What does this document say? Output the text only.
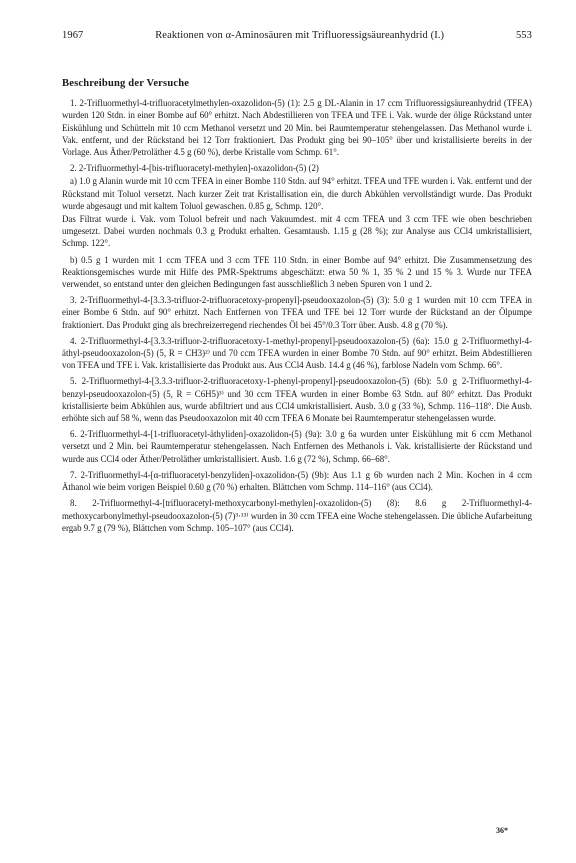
1967	Reaktionen von α-Aminosäuren mit Trifluoressigsäureanhydrid (I.)	553
Beschreibung der Versuche

1. 2-Trifluormethyl-4-trifluoracetylmethylen-oxazolidon-(5) (1): 2.5 g DL-Alanin in 17 ccm Trifluoressigsäureanhydrid (TFEA) wurden 120 Stdn. in einer Bombe auf 60° erhitzt. Nach Abdestillieren von TFEA und TFE i. Vak. wurde der ölige Rückstand unter Eiskühlung und Schütteln mit 10 ccm Methanol versetzt und 20 Min. bei Raumtemperatur stehengelassen. Das Methanol wurde i. Vak. entfernt, und der Rückstand bei 12 Torr fraktioniert. Das Produkt ging bei 90–105° über und kristallisierte bereits in der Vorlage. Aus Äther/Petroläther 4.5 g (60 %), derbe Kristalle vom Schmp. 61°.

2. 2-Trifluormethyl-4-[bis-trifluoracetyl-methylen]-oxazolidon-(5) (2)

a) 1.0 g Alanin wurde mit 10 ccm TFEA in einer Bombe 110 Stdn. auf 94° erhitzt. TFEA und TFE wurden i. Vak. entfernt und der Rückstand mit Toluol versetzt. Nach kurzer Zeit trat Kristallisation ein, die durch Abkühlen vervollständigt wurde. Das Produkt wurde abgesaugt und mit kaltem Toluol gewaschen. 0.85 g, Schmp. 120°.

Das Filtrat wurde i. Vak. vom Toluol befreit und nach Vakuumdest. mit 4 ccm TFEA und 3 ccm TFE wie oben beschrieben umgesetzt. Dabei wurden nochmals 0.3 g Produkt erhalten. Gesamtausb. 1.15 g (28 %); zur Analyse aus CCl4 umkristallisiert, Schmp. 122°.

b) 0.5 g 1 wurden mit 1 ccm TFEA und 3 ccm TFE 110 Stdn. in einer Bombe auf 94° erhitzt. Die Zusammensetzung des Reaktionsgemisches wurde mit Hilfe des PMR-Spektrums abgeschätzt: etwa 50 % 1, 35 % 2 und 15 % 3. Wurde nur TFEA verwendet, so entstand unter den gleichen Bedingungen fast ausschließlich 3 neben Spuren von 1 und 2.

3. 2-Trifluormethyl-4-[3.3.3-trifluor-2-trifluoracetoxy-propenyl]-pseudooxazolon-(5) (3): 5.0 g 1 wurden mit 10 ccm TFEA in einer Bombe 6 Stdn. auf 90° erhitzt. Nach Entfernen von TFEA und TFE bei 12 Torr wurde der Rückstand an der Ölpumpe fraktioniert. Das Produkt ging als brechreizerregend riechendes Öl bei 45°/0.3 Torr über. Ausb. 4.8 g (70 %).

4. 2-Trifluormethyl-4-[3.3.3-trifluor-2-trifluoracetoxy-1-methyl-propenyl]-pseudooxazolon-(5) (6a): 15.0 g 2-Trifluormethyl-4-äthyl-pseudooxazolon-(5) (5, R = CH3)²⁾ und 70 ccm TFEA wurden in einer Bombe 70 Stdn. auf 90° erhitzt. Beim Abdestillieren von TFEA und TFE i. Vak. kristallisierte das Produkt aus. Aus CCl4 Ausb. 14.4 g (46 %), farblose Nadeln vom Schmp. 66°.

5. 2-Trifluormethyl-4-[3.3.3-trifluor-2-trifluoracetoxy-1-phenyl-propenyl]-pseudooxazolon-(5) (6b): 5.0 g 2-Trifluormethyl-4-benzyl-pseudooxazolon-(5) (5, R = C6H5)³⁾ und 30 ccm TFEA wurden in einer Bombe 63 Stdn. auf 80° erhitzt. Das Produkt kristallisierte beim Abkühlen aus, wurde abfiltriert und aus CCl4 umkristallisiert. Ausb. 3.0 g (33 %), Schmp. 116–118°. Die Ausb. erhöhte sich auf 58 %, wenn das Pseudooxazolon mit 40 ccm TFEA 6 Monate bei Raumtemperatur stehengelassen wurde.

6. 2-Trifluormethyl-4-[1-trifluoracetyl-äthyliden]-oxazolidon-(5) (9a): 3.0 g 6a wurden unter Eiskühlung mit 6 ccm Methanol versetzt und 2 Min. bei Raumtemperatur stehengelassen. Nach Entfernen des Methanols i. Vak. kristallisierte der Rückstand und wurde aus CCl4 oder Äther/Petroläther umkristallisiert. Ausb. 1.6 g (72 %), Schmp. 66–68°.

7. 2-Trifluormethyl-4-[α-trifluoracetyl-benzyliden]-oxazolidon-(5) (9b): Aus 1.1 g 6b wurden nach 2 Min. Kochen in 4 ccm Äthanol wie beim vorigen Beispiel 0.60 g (70 %) erhalten. Blättchen vom Schmp. 114–116° (aus CCl4).

8. 2-Trifluormethyl-4-[trifluoracetyl-methoxycarbonyl-methylen]-oxazolidon-(5) (8): 8.6 g 2-Trifluormethyl-4-methoxycarbonylmethyl-pseudooxazolon-(5) (7)³·¹³⁾ wurden in 30 ccm TFEA eine Woche stehengelassen. Die übliche Aufarbeitung ergab 9.7 g (79 %), Blättchen vom Schmp. 105–107° (aus CCl4).

36*
